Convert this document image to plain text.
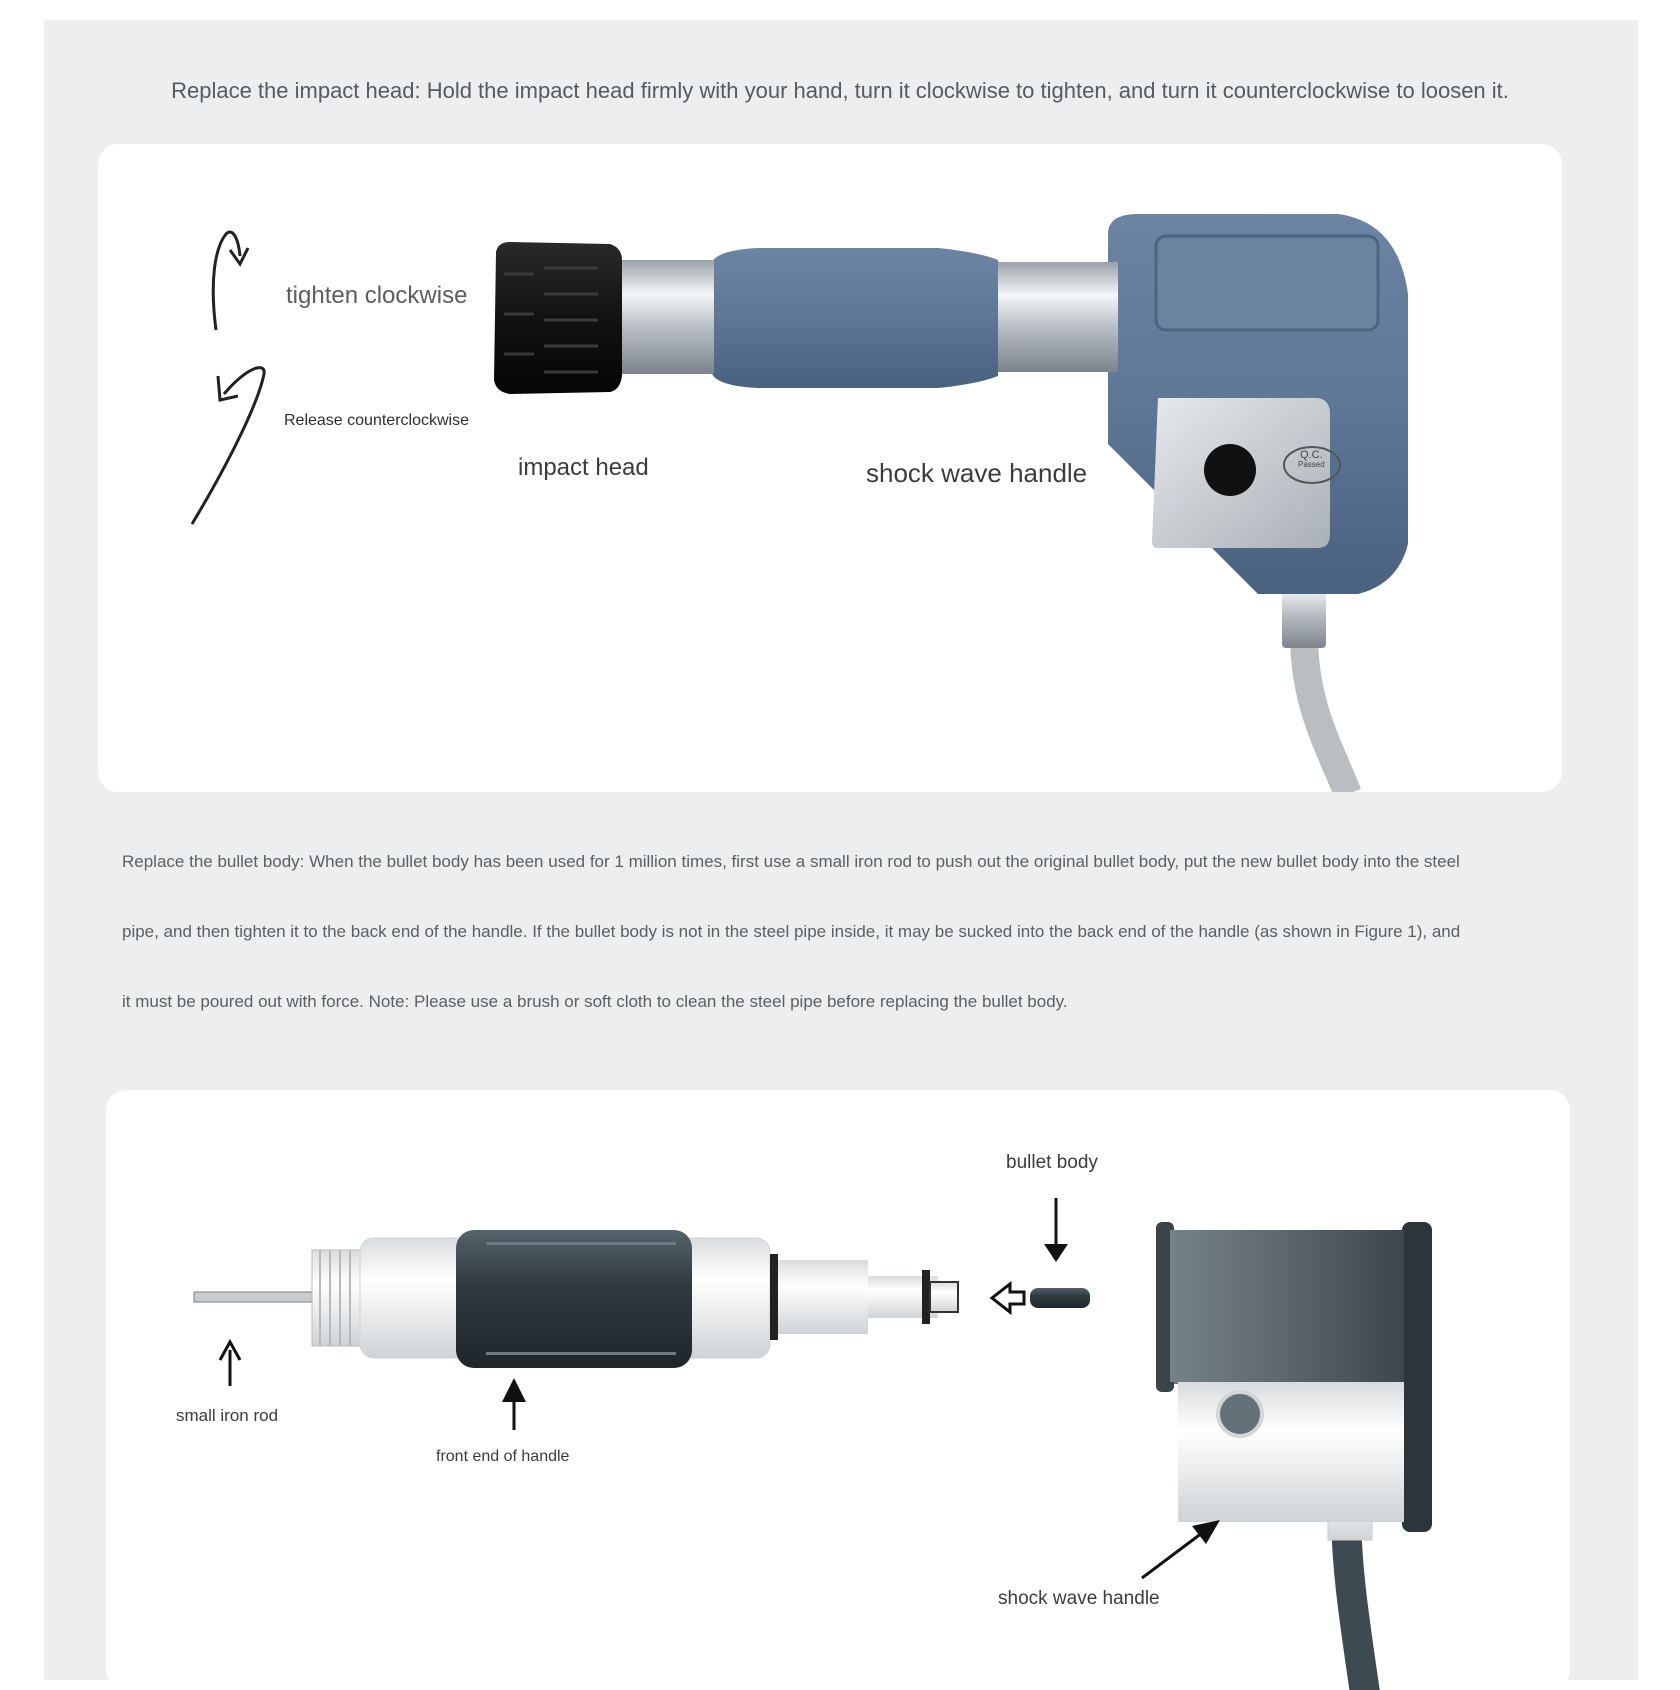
Replace the impact head: Hold the impact head firmly with your hand, turn it clockwise to tighten, and turn it counterclockwise to loosen it.
tighten clockwise
Release counterclockwise
impact head	shock wave handle
Q.C.
Passed
Replace the bullet body: When the bullet body has been used for 1 million times, first use a small iron rod to push out the original bullet body, put the new bullet body into the steel
pipe, and then tighten it to the back end of the handle. If the bullet body is not in the steel pipe inside, it may be sucked into the back end of the handle (as shown in Figure 1), and
it must be poured out with force. Note: Please use a brush or soft cloth to clean the steel pipe before replacing the bullet body.
bullet body
small iron rod
front end of handle
shock wave handle
